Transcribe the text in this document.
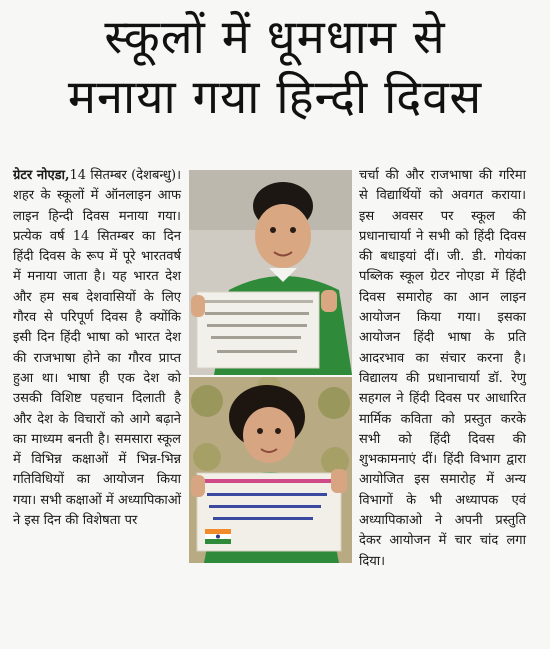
स्कूलों में धूमधाम से
मनाया गया हिन्दी दिवस

ग्रेटर नोएडा,14 सितम्बर (देशबन्धु)। शहर के स्कूलों में ऑनलाइन आफ लाइन हिन्दी दिवस मनाया गया। प्रत्येक वर्ष 14 सितम्बर का दिन हिंदी दिवस के रूप में पूरे भारतवर्ष में मनाया जाता है। यह भारत देश और हम सब देशवासियों के लिए गौरव से परिपूर्ण दिवस है क्योंकि इसी दिन हिंदी भाषा को भारत देश की राजभाषा होने का गौरव प्राप्त हुआ था। भाषा ही एक देश को उसकी विशिष्ट पहचान दिलाती है और देश के विचारों को आगे बढ़ाने का माध्यम बनती है। समसारा स्कूल में विभिन्न कक्षाओं में भिन्न-भिन्न गतिविधियों का आयोजन किया गया। सभी कक्षाओं में अध्यापिकाओं ने इस दिन की विशेषता पर

चर्चा की और राजभाषा की गरिमा से विद्यार्थियों को अवगत कराया। इस अवसर पर स्कूल की प्रधानाचार्या ने सभी को हिंदी दिवस की बधाइयां दीं। जी. डी. गोयंका पब्लिक स्कूल ग्रेटर नोएडा में हिंदी दिवस समारोह का आन लाइन आयोजन किया गया। इसका आयोजन हिंदी भाषा के प्रति आदरभाव का संचार करना है। विद्यालय की प्रधानाचार्या डॉ. रेणु सहगल ने हिंदी दिवस पर आधारित मार्मिक कविता को प्रस्तुत करके सभी को हिंदी दिवस की शुभकामनाएं दीं। हिंदी विभाग द्वारा आयोजित इस समारोह में अन्य विभागों के भी अध्यापक एवं अध्यापिकाओ ने अपनी प्रस्तुति देकर आयोजन में चार चांद लगा दिया।
